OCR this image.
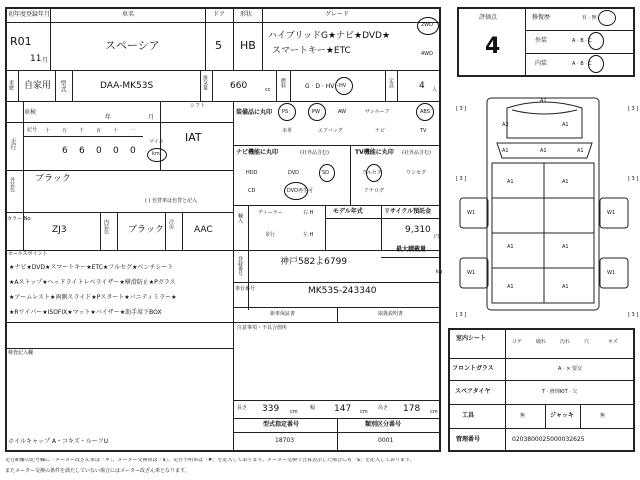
初年度登録年月	車名	ドア	形状	グレード
R01
11 月
スペーシア	5 HB
ハイブリッドG★ナビ★DVD★
スマートキー★ETC
2WD
4WD
車歴 自家用 型式	DAA-MK53S	排気量 660	cc
燃料	G · D · HV · HV	定員	4 人
車検
年	月
シフト
IAT
走行
記号 十 万 千 百 十 一
6 6 0 0 0
マイル
km
外装色 ブラック
( ) 色替車は色替と記入
カラー No.
ZJ3	内装色 ブラック
冷房
AAC
装備品に丸印 PS	PW	AW	サンルーフ	ABS
本革	エアバッグ	ナビ	TV
ナビ機能に丸印	(社外品含む)
HDD	DVD	SD
CD	DVD再生可
TV機能に丸印 (社外品含む)
フルセグ	ワンセグ
アナログ
輸入	ディーラー
並行
右 H
左 H
モデル年式	リサイクル預託金
9,310
円
最大積載量
kg
登録番号	神戸582よ6799
車台番号	MK53S-243340
セールスポイント
★ナビ★DVD★スマートキー★ETC★フルセグ★ベンチシート
★Aストップ★ヘッドライトレベライザー★横滑防止★Pガラス
★アームレスト★両側スライド★Pスタート★バニティミラー★
★Rワイパー★ISOFIX★マット★バイザー★助手席下BOX
検査記入欄
ホイルキャップ A・コキズ・ルーフU
新車保証書	取扱説明書
注意事項・不具合箇所
長さ 339 cm
幅 147 cm
高さ 178 cm
型式指定番号
18703
類別区分番号
0001
評価点
4
修復歴	有 · 無
外装	A · B · C
内装	A · B · C
A1
A2	A1
A1	A1	A1
W1	W1
W1	W1
A1	A1
A1	A1
A1	A1
[ 3 ]	[ 3 ]
[ 3 ]	[ 3 ]
[ 3 ]	[ 3 ]
室内シート	コゲ	破れ	汚れ	穴	キズ
フロントガラス	A · × 要交
スペアタイヤ	T · 修理KIT · 欠
工具	無	ジャッキ	無
管理番号	0203800025000032625
走行距離の記号欄に「メーター改ざん車は「＊」、メーター交換車は「$」、走行不明車は「#」を記入しております。メーター交換で合算表示した場合にも「$」を記入しております。
またメーター交換の条件を満たしていない場合にはメーター改ざん車となります。
